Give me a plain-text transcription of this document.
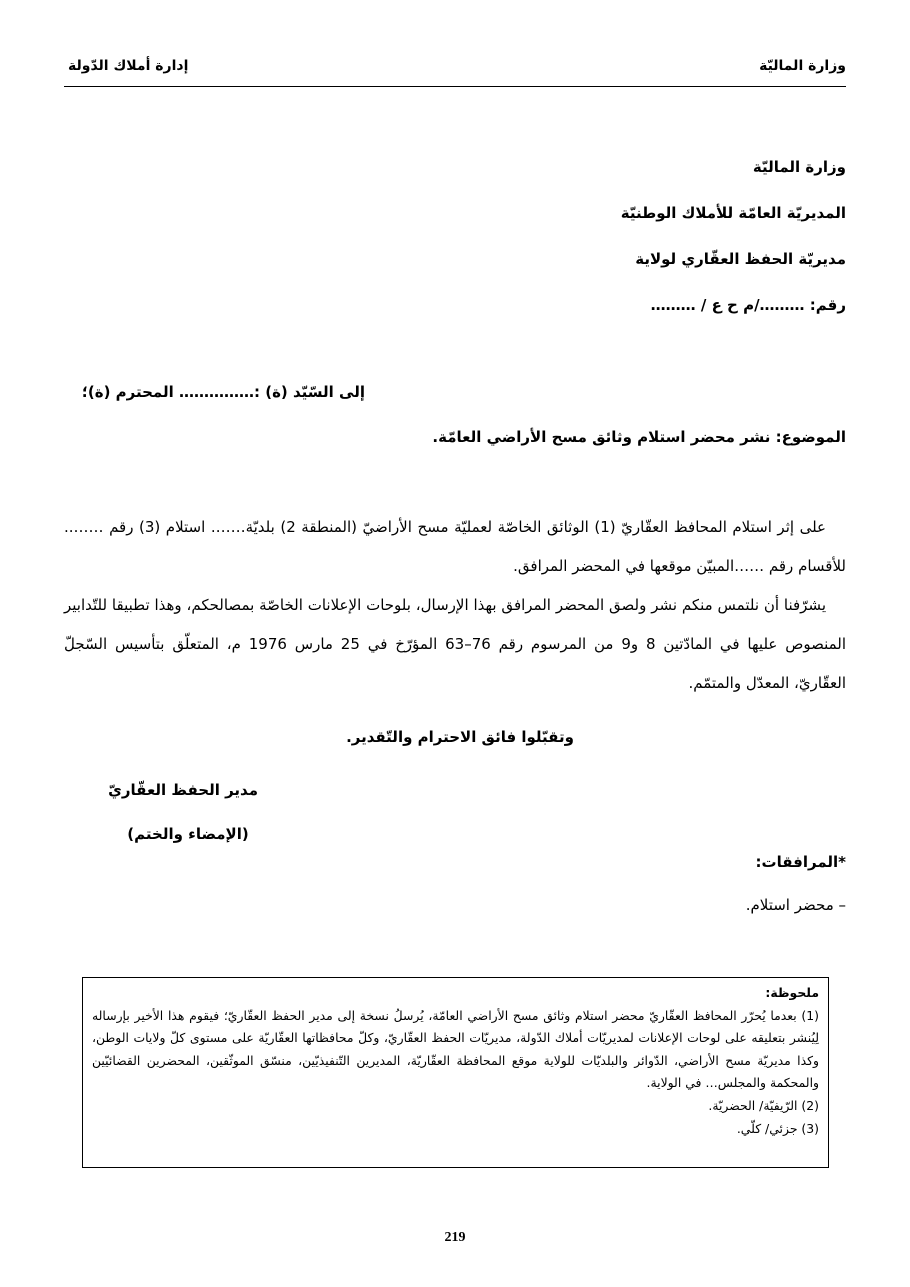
وزارة الماليّة
إدارة أملاك الدّولة
وزارة الماليّة
المديريّة العامّة للأملاك الوطنيّة
مديريّة الحفظ العقّاري لولاية
رقم: ………/م ح ع / ………
إلى السّيّد (ة) :…………… المحترم (ة)؛
الموضوع: نشر محضر استلام وثائق مسح الأراضي العامّة.

على إثر استلام المحافظ العقّاريّ (1) الوثائق الخاصّة لعمليّة مسح الأراضيّ (المنطقة 2) بلديّة……. استلام (3) رقم …….. للأقسام رقم ……المبيّن موقعها في المحضر المرافق.

يشرّفنا أن نلتمس منكم نشر ولصق المحضر المرافق بهذا الإرسال، بلوحات الإعلانات الخاصّة بمصالحكم، وهذا تطبيقا للتّدابير المنصوص عليها في المادّتين 8 و9 من المرسوم رقم 76–63 المؤرّخ في 25 مارس 1976 م، المتعلّق بتأسيس السّجلّ العقّاريّ، المعدّل والمتمّم.

وتقبّلوا فائق الاحترام والتّقدير.
مدير الحفظ العقّاريّ
(الإمضاء والختم)
*المرافقات:
– محضر استلام.

ملحوظة:

(1) بعدما يُحرّر المحافظ العقّاريّ محضر استلام وثائق مسح الأراضي العامّة، يُرسلُ نسخة إلى مدير الحفظ العقّاريّ؛ فيقوم هذا الأخير بإرساله لِيُنشر بتعليقه على لوحات الإعلانات لمديريّات أملاك الدّولة، مديريّات الحفظ العقّاريّ، وكلّ محافظاتها العقّاريّة على مستوى كلّ ولايات الوطن، وكذا مديريّة مسح الأراضي، الدّوائر والبلديّات للولاية موقع المحافظة العقّاريّة، المديرين التّنفيذيّين، منسّق الموثّقين، المحضرين القضائيّين والمحكمة والمجلس… في الولاية.

(2) الرّيفيّة/ الحضريّة.

(3) جزئي/ كلّي.

219
